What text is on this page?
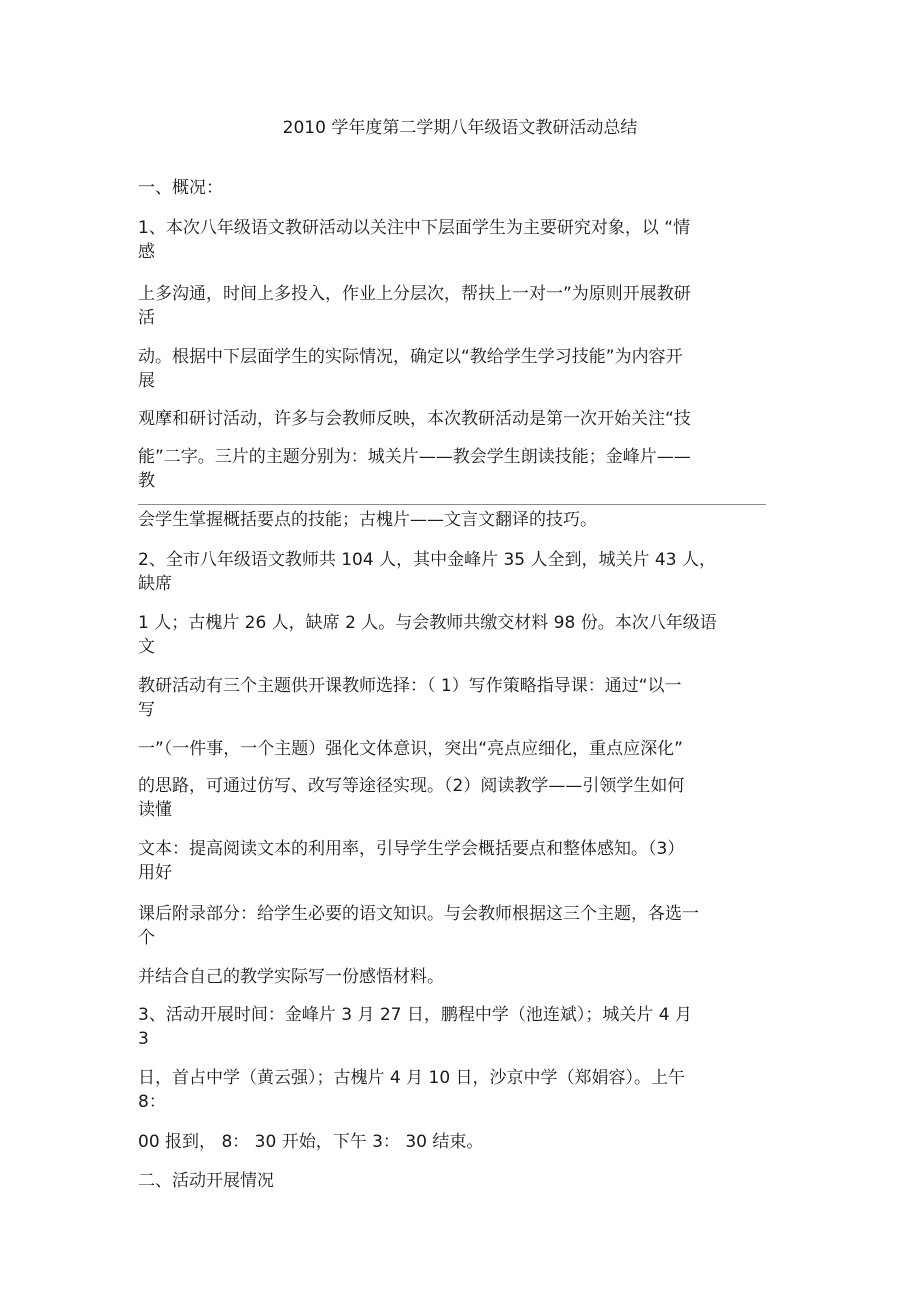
2010 学年度第二学期八年级语文教研活动总结
一、概况：
1、本次八年级语文教研活动以关注中下层面学生为主要研究对象，以 “情
感
上多沟通，时间上多投入，作业上分层次，帮扶上一对一”为原则开展教研
活
动。根据中下层面学生的实际情况，确定以“教给学生学习技能”为内容开
展
观摩和研讨活动，许多与会教师反映，本次教研活动是第一次开始关注“技
能”二字。三片的主题分别为：城关片——教会学生朗读技能；金峰片——
教
会学生掌握概括要点的技能；古槐片——文言文翻译的技巧。
2、全市八年级语文教师共 104 人，其中金峰片 35 人全到，城关片 43 人，
缺席
1 人；古槐片 26 人，缺席 2 人。与会教师共缴交材料 98 份。本次八年级语
文
教研活动有三个主题供开课教师选择：（ 1）写作策略指导课：通过“以一
写
一”（一件事，一个主题）强化文体意识，突出“亮点应细化，重点应深化”
的思路，可通过仿写、改写等途径实现。（2）阅读教学——引领学生如何
读懂
文本：提高阅读文本的利用率，引导学生学会概括要点和整体感知。（3）
用好
课后附录部分：给学生必要的语文知识。与会教师根据这三个主题，各选一
个
并结合自己的教学实际写一份感悟材料。
3、活动开展时间：金峰片 3 月 27 日，鹏程中学（池连斌）；城关片 4 月
3
日，首占中学（黄云强）；古槐片 4 月 10 日，沙京中学（郑娟容）。上午
8：
00 报到， 8： 30 开始，下午 3： 30 结束。
二、活动开展情况
